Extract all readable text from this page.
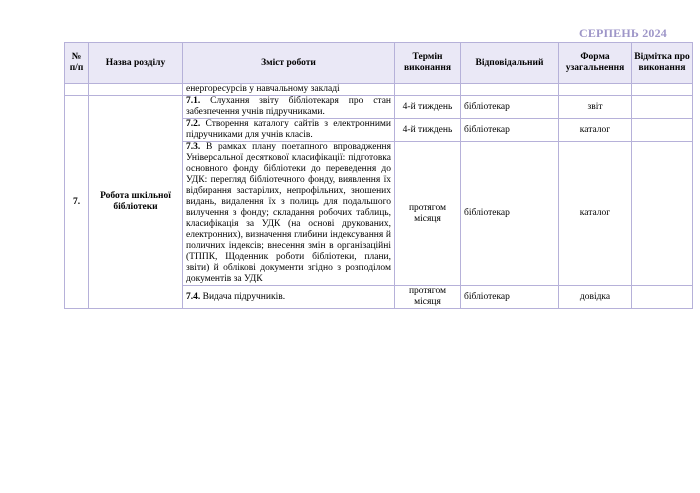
СЕРПЕНЬ 2024
№ п/п	Назва розділу	Зміст роботи	Термін виконання	Відповідальний	Форма узагальнення	Відмітка про виконання
		енергоресурсів у навчальному закладі				
7.	Робота шкільної бібліотеки	7.1. Слухання звіту бібліотекаря про стан забезпечення учнів підручниками.	4-й тиждень	бібліотекар	звіт	
		7.2. Створення каталогу сайтів з електронними підручниками для учнів класів.	4-й тиждень	бібліотекар	каталог	
		7.3. В рамках плану поетапного впровадження Універсальної десяткової класифікації: підготовка основного фонду бібліотеки до переведення до УДК: перегляд бібліотечного фонду, виявлення їх відбирання застарілих, непрофільних, зношених видань, видалення їх з полиць для подальшого вилучення з фонду; складання робочих таблиць, класифікація за УДК (на основі друкованих, електронних), визначення глибини індексування й поличних індексів; внесення змін в організаційні (ТППК, Щоденник роботи бібліотеки, плани, звіти) й облікові документи згідно з розподілом документів за УДК	протягом місяця	бібліотекар	каталог	
		7.4. Видача підручників.	протягом місяця	бібліотекар	довідка	
